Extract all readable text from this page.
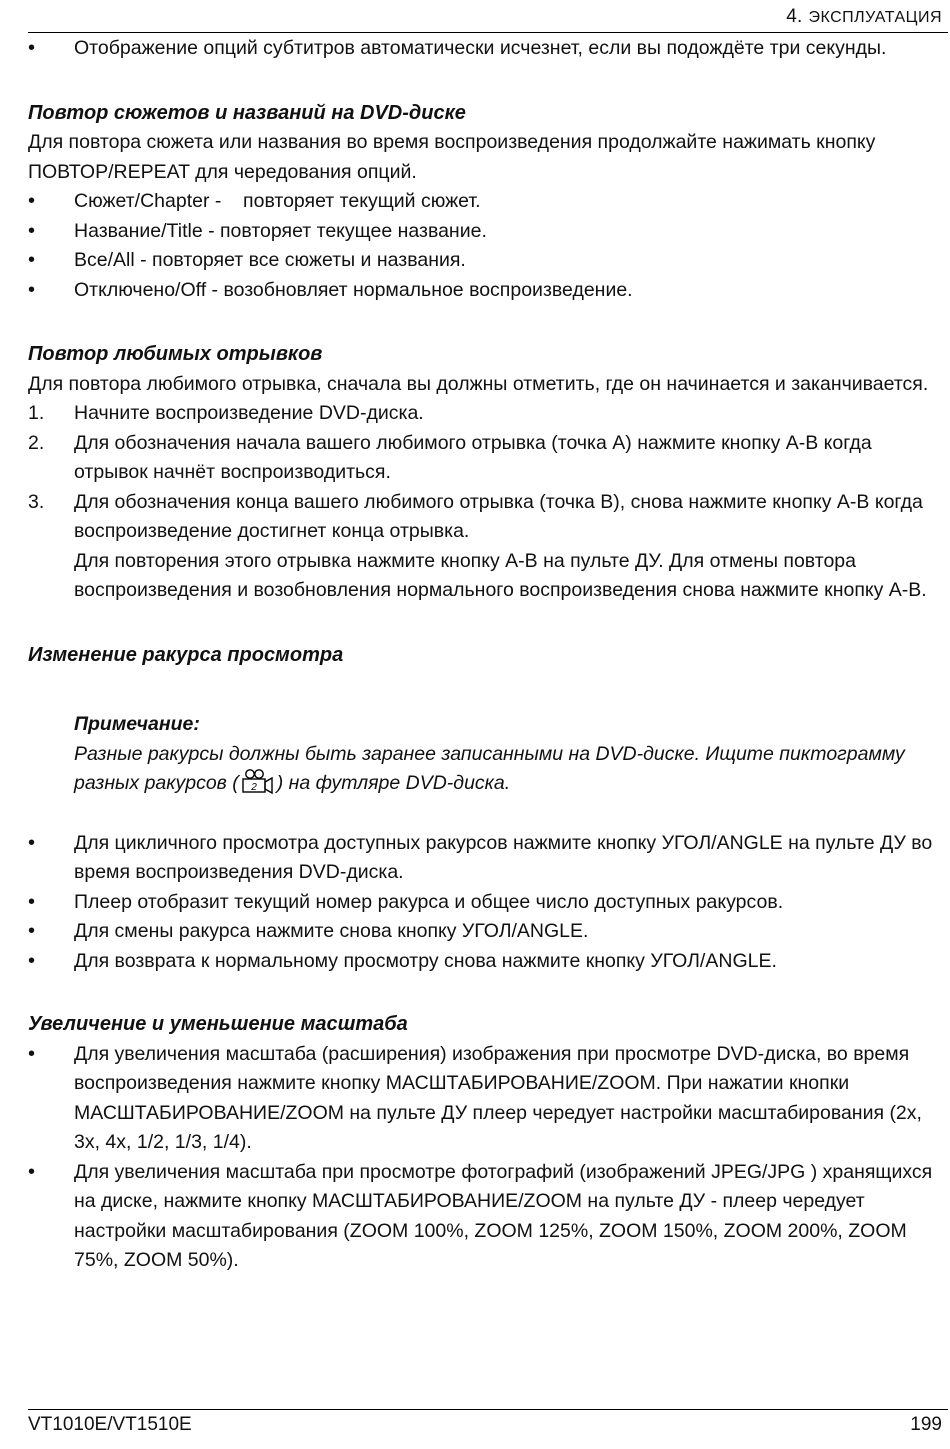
4. ЭКСПЛУАТАЦИЯ
•	Отображение опций субтитров автоматически исчезнет, если вы подождёте три секунды.
Повтор сюжетов и названий на DVD-диске

Для повтора сюжета или названия во время воспроизведения продолжайте нажимать кнопку    ПОВТОР/REPEAT для чередования опций.

•	Сюжет/Chapter -    повторяет текущий сюжет.
•	Название/Title - повторяет текущее название.
•	Все/All - повторяет все сюжеты и названия.
•	Отключено/Off - возобновляет нормальное воспроизведение.
Повтор любимых отрывков

Для повтора любимого отрывка, сначала вы должны отметить, где он начинается и заканчивается.

1.	Начните воспроизведение DVD-диска.
2.	Для обозначения начала вашего любимого отрывка (точка А) нажмите кнопку A-B когда отрывок начнёт воспроизводиться.
3.	Для обозначения конца вашего любимого отрывка (точка В), снова нажмите кнопку A-B когда воспроизведение достигнет конца отрывка.
Для повторения этого отрывка нажмите кнопку A-B на пульте ДУ. Для отмены повтора воспроизведения и возобновления нормального воспроизведения снова нажмите кнопку A-B.
Изменение ракурса просмотра
Примечание:
Разные ракурсы должны быть заранее записанными на DVD-диске. Ищите пиктограмму разных ракурсов ( 2 ) на футляре DVD-диска.
•	Для цикличного просмотра доступных ракурсов нажмите кнопку УГОЛ/ANGLE на пульте ДУ во время воспроизведения DVD-диска.
•	Плеер отобразит текущий номер ракурса и общее число доступных ракурсов.
•	Для смены ракурса нажмите снова кнопку УГОЛ/ANGLE.
•	Для возврата к нормальному просмотру снова нажмите кнопку УГОЛ/ANGLE.
Увеличение и уменьшение масштаба
•	Для увеличения масштаба (расширения) изображения при просмотре DVD-диска, во время воспроизведения нажмите кнопку МАСШТАБИРОВАНИЕ/ZOOM. При нажатии кнопки МАСШТАБИРОВАНИЕ/ZOOM на пульте ДУ плеер чередует настройки масштабирования (2x, 3x, 4x, 1/2, 1/3, 1/4).
•	Для увеличения масштаба при просмотре фотографий (изображений JPEG/JPG ) хранящихся на диске, нажмите кнопку МАСШТАБИРОВАНИЕ/ZOOM на пульте ДУ - плеер чередует настройки масштабирования (ZOOM 100%, ZOOM 125%, ZOOM 150%, ZOOM 200%, ZOOM 75%, ZOOM 50%).
VT1010E/VT1510E	199
